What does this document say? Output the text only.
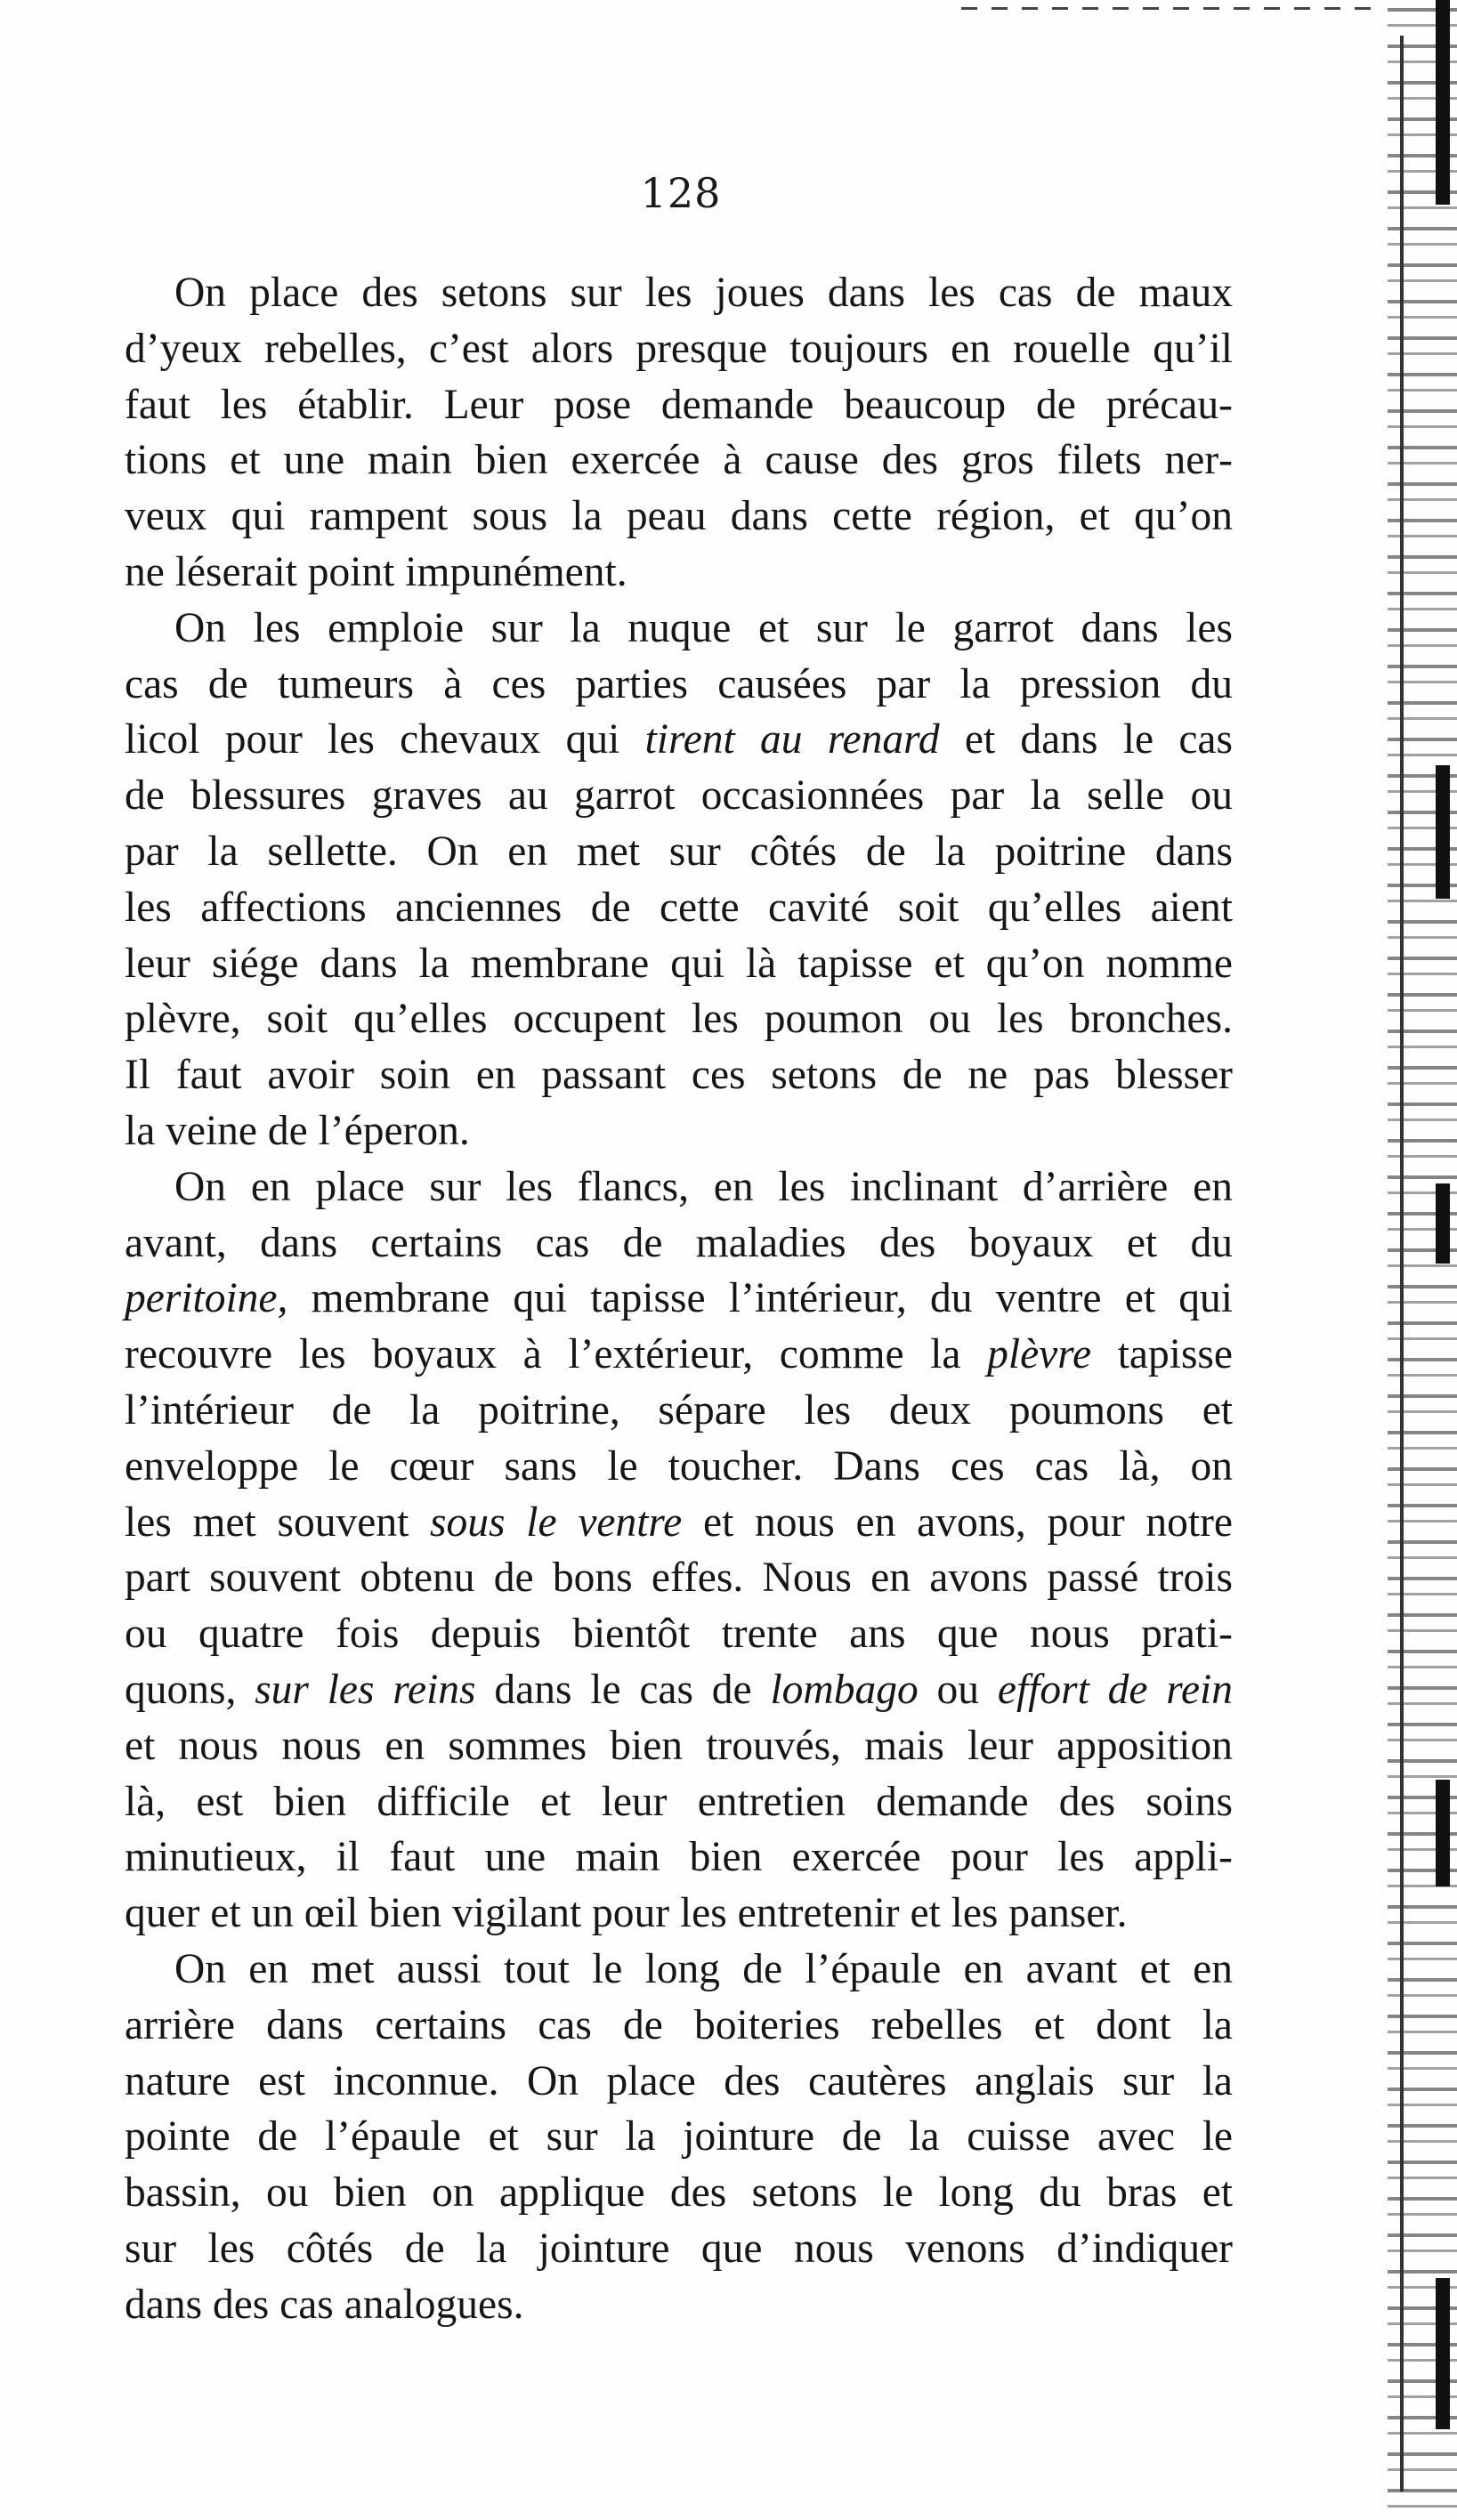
128
On place des setons sur les joues dans les cas de maux
d’yeux rebelles, c’est alors presque toujours en rouelle qu’il
faut les établir. Leur pose demande beaucoup de précau‑
tions et une main bien exercée à cause des gros filets ner‑
veux qui rampent sous la peau dans cette région, et qu’on
ne léserait point impunément.
On les emploie sur la nuque et sur le garrot dans les
cas de tumeurs à ces parties causées par la pression du
licol pour les chevaux qui tirent au renard et dans le cas
de blessures graves au garrot occasionnées par la selle ou
par la sellette. On en met sur côtés de la poitrine dans
les affections anciennes de cette cavité soit qu’elles aient
leur siége dans la membrane qui là tapisse et qu’on nomme
plèvre, soit qu’elles occupent les poumon ou les bronches.
Il faut avoir soin en passant ces setons de ne pas blesser
la veine de l’éperon.
On en place sur les flancs, en les inclinant d’arrière en
avant, dans certains cas de maladies des boyaux et du
peritoine, membrane qui tapisse l’intérieur, du ventre et qui
recouvre les boyaux à l’extérieur, comme la plèvre tapisse
l’intérieur de la poitrine, sépare les deux poumons et
enveloppe le cœur sans le toucher. Dans ces cas là, on
les met souvent sous le ventre et nous en avons, pour notre
part souvent obtenu de bons effes. Nous en avons passé trois
ou quatre fois depuis bientôt trente ans que nous prati‑
quons, sur les reins dans le cas de lombago ou effort de rein
et nous nous en sommes bien trouvés, mais leur apposition
là, est bien difficile et leur entretien demande des soins
minutieux, il faut une main bien exercée pour les appli‑
quer et un œil bien vigilant pour les entretenir et les panser.
On en met aussi tout le long de l’épaule en avant et en
arrière dans certains cas de boiteries rebelles et dont la
nature est inconnue. On place des cautères anglais sur la
pointe de l’épaule et sur la jointure de la cuisse avec le
bassin, ou bien on applique des setons le long du bras et
sur les côtés de la jointure que nous venons d’indiquer
dans des cas analogues.
